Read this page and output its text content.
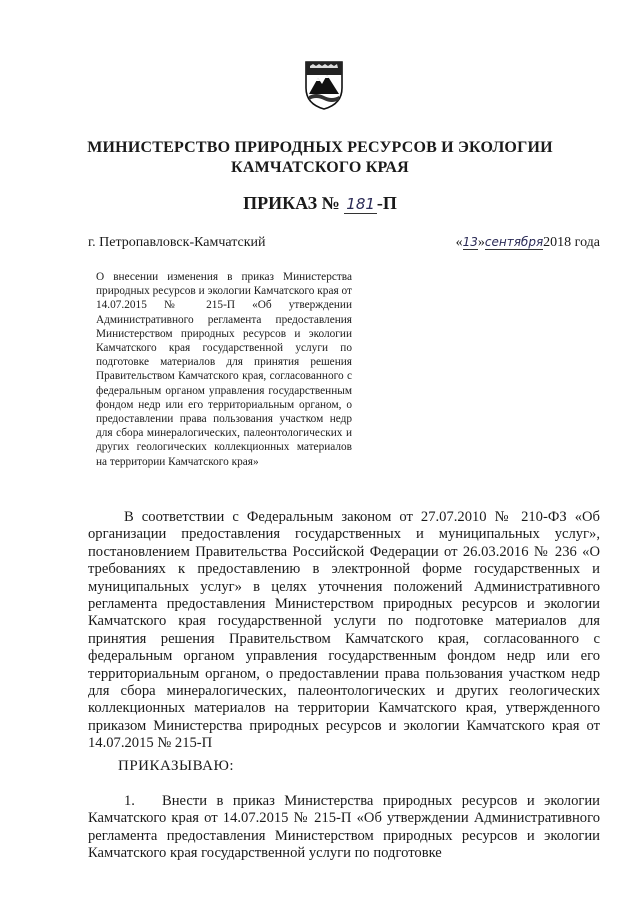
МИНИСТЕРСТВО ПРИРОДНЫХ РЕСУРСОВ И ЭКОЛОГИИ
КАМЧАТСКОГО КРАЯ
ПРИКАЗ № 181 -П
г. Петропавловск-Камчатский	«13»сентября2018 года
О внесении изменения в приказ Министерства природных ресурсов и экологии Камчатского края от 14.07.2015 № 215-П «Об утверждении Административного регламента предоставления Министерством природных ресурсов и экологии Камчатского края государственной услуги по подготовке материалов для принятия решения Правительством Камчатского края, согласованного с федеральным органом управления государственным фондом недр или его территориальным органом, о предоставлении права пользования участком недр для сбора минералогических, палеонтологических и других геологических коллекционных материалов на территории Камчатского края»
В соответствии с Федеральным законом от 27.07.2010 № 210-ФЗ «Об организации предоставления государственных и муниципальных услуг», постановлением Правительства Российской Федерации от 26.03.2016 № 236 «О требованиях к предоставлению в электронной форме государственных и муниципальных услуг» в целях уточнения положений Административного регламента предоставления Министерством природных ресурсов и экологии Камчатского края государственной услуги по подготовке материалов для принятия решения Правительством Камчатского края, согласованного с федеральным органом управления государственным фондом недр или его территориальным органом, о предоставлении права пользования участком недр для сбора минералогических, палеонтологических и других геологических коллекционных материалов на территории Камчатского края, утвержденного приказом Министерства природных ресурсов и экологии Камчатского края от 14.07.2015 № 215-П
ПРИКАЗЫВАЮ:
1. Внести в приказ Министерства природных ресурсов и экологии Камчатского края от 14.07.2015 № 215-П «Об утверждении Административного регламента предоставления Министерством природных ресурсов и экологии Камчатского края государственной услуги по подготовке
